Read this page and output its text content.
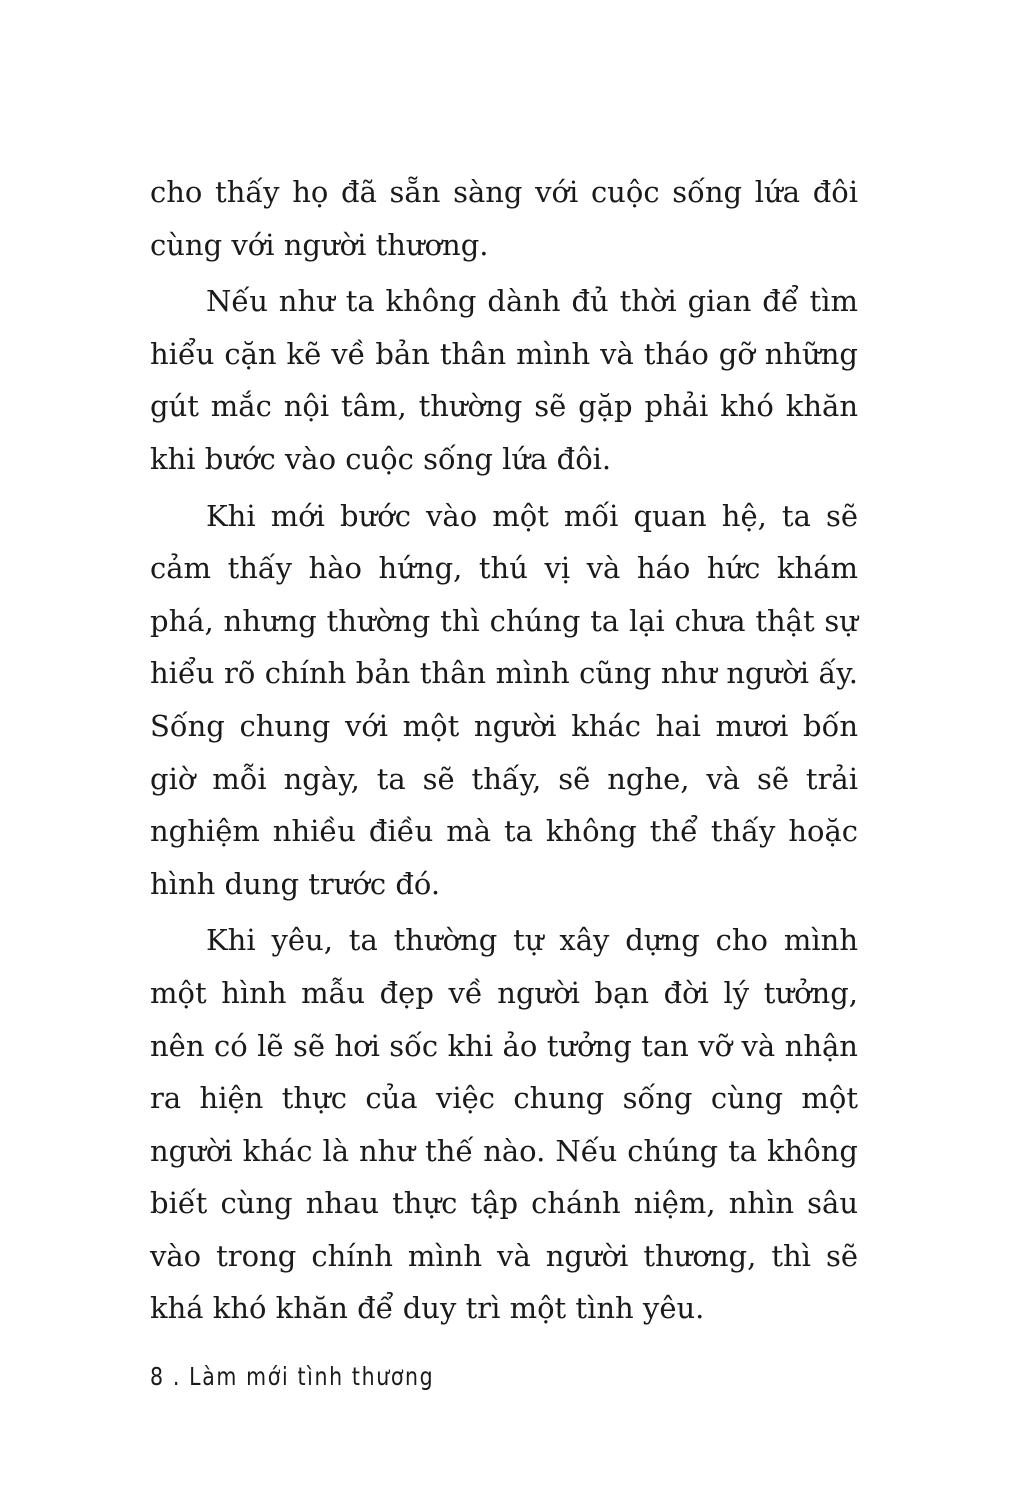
cho thấy họ đã sẵn sàng với cuộc sống lứa đôi cùng với người thương.

Nếu như ta không dành đủ thời gian để tìm hiểu cặn kẽ về bản thân mình và tháo gỡ những gút mắc nội tâm, thường sẽ gặp phải khó khăn khi bước vào cuộc sống lứa đôi.

Khi mới bước vào một mối quan hệ, ta sẽ cảm thấy hào hứng, thú vị và háo hức khám phá, nhưng thường thì chúng ta lại chưa thật sự hiểu rõ chính bản thân mình cũng như người ấy. Sống chung với một người khác hai mươi bốn giờ mỗi ngày, ta sẽ thấy, sẽ nghe, và sẽ trải nghiệm nhiều điều mà ta không thể thấy hoặc hình dung trước đó.

Khi yêu, ta thường tự xây dựng cho mình một hình mẫu đẹp về người bạn đời lý tưởng, nên có lẽ sẽ hơi sốc khi ảo tưởng tan vỡ và nhận ra hiện thực của việc chung sống cùng một người khác là như thế nào. Nếu chúng ta không biết cùng nhau thực tập chánh niệm, nhìn sâu vào trong chính mình và người thương, thì sẽ khá khó khăn để duy trì một tình yêu.

8 . Làm mới tình thương
